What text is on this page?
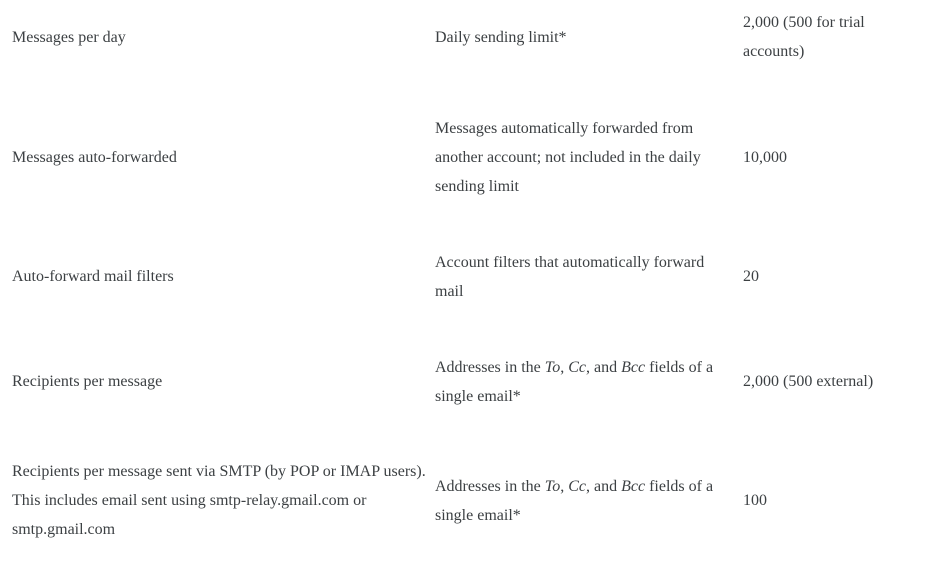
Messages per day	Daily sending limit*
2,000 (500 for trial accounts)
Messages auto-forwarded
Messages automatically forwarded from another account; not included in the daily sending limit
10,000
Auto-forward mail filters
Account filters that automatically forward mail
20
Recipients per message
Addresses in the To, Cc, and Bcc fields of a single email*
2,000 (500 external)
Recipients per message sent via SMTP (by POP or IMAP users). This includes email sent using smtp-relay.gmail.com or smtp.gmail.com
Addresses in the To, Cc, and Bcc fields of a single email*
100
